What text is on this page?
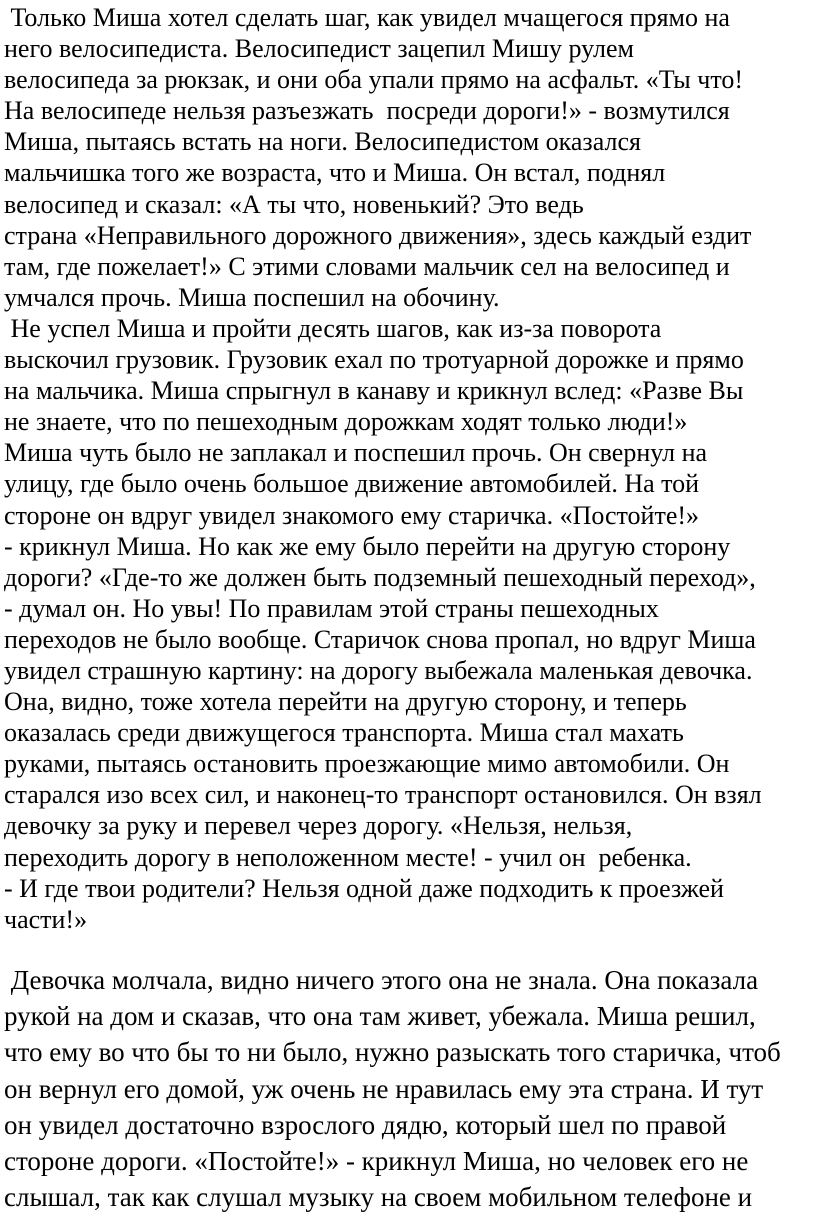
Только Миша хотел сделать шаг, как увидел мчащегося прямо на
него велосипедиста. Велосипедист зацепил Мишу рулем
велосипеда за рюкзак, и они оба упали прямо на асфальт. «Ты что!
На велосипеде нельзя разъезжать  посреди дороги!» - возмутился
Миша, пытаясь встать на ноги. Велосипедистом оказался
мальчишка того же возраста, что и Миша. Он встал, поднял
велосипед и сказал: «А ты что, новенький? Это ведь
страна «Неправильного дорожного движения», здесь каждый ездит
там, где пожелает!» С этими словами мальчик сел на велосипед и
умчался прочь. Миша поспешил на обочину.
Не успел Миша и пройти десять шагов, как из-за поворота
выскочил грузовик. Грузовик ехал по тротуарной дорожке и прямо
на мальчика. Миша спрыгнул в канаву и крикнул вслед: «Разве Вы
не знаете, что по пешеходным дорожкам ходят только люди!»
Миша чуть было не заплакал и поспешил прочь. Он свернул на
улицу, где было очень большое движение автомобилей. На той
стороне он вдруг увидел знакомого ему старичка. «Постойте!»
- крикнул Миша. Но как же ему было перейти на другую сторону
дороги? «Где-то же должен быть подземный пешеходный переход»,
- думал он. Но увы! По правилам этой страны пешеходных
переходов не было вообще. Старичок снова пропал, но вдруг Миша
увидел страшную картину: на дорогу выбежала маленькая девочка.
Она, видно, тоже хотела перейти на другую сторону, и теперь
оказалась среди движущегося транспорта. Миша стал махать
руками, пытаясь остановить проезжающие мимо автомобили. Он
старался изо всех сил, и наконец-то транспорт остановился. Он взял
девочку за руку и перевел через дорогу. «Нельзя, нельзя,
переходить дорогу в неположенном месте! - учил он  ребенка.
- И где твои родители? Нельзя одной даже подходить к проезжей
части!»
Девочка молчала, видно ничего этого она не знала. Она показала
рукой на дом и сказав, что она там живет, убежала. Миша решил,
что ему во что бы то ни было, нужно разыскать того старичка, чтоб
он вернул его домой, уж очень не нравилась ему эта страна. И тут
он увидел достаточно взрослого дядю, который шел по правой
стороне дороги. «Постойте!» - крикнул Миша, но человек его не
слышал, так как слушал музыку на своем мобильном телефоне и
